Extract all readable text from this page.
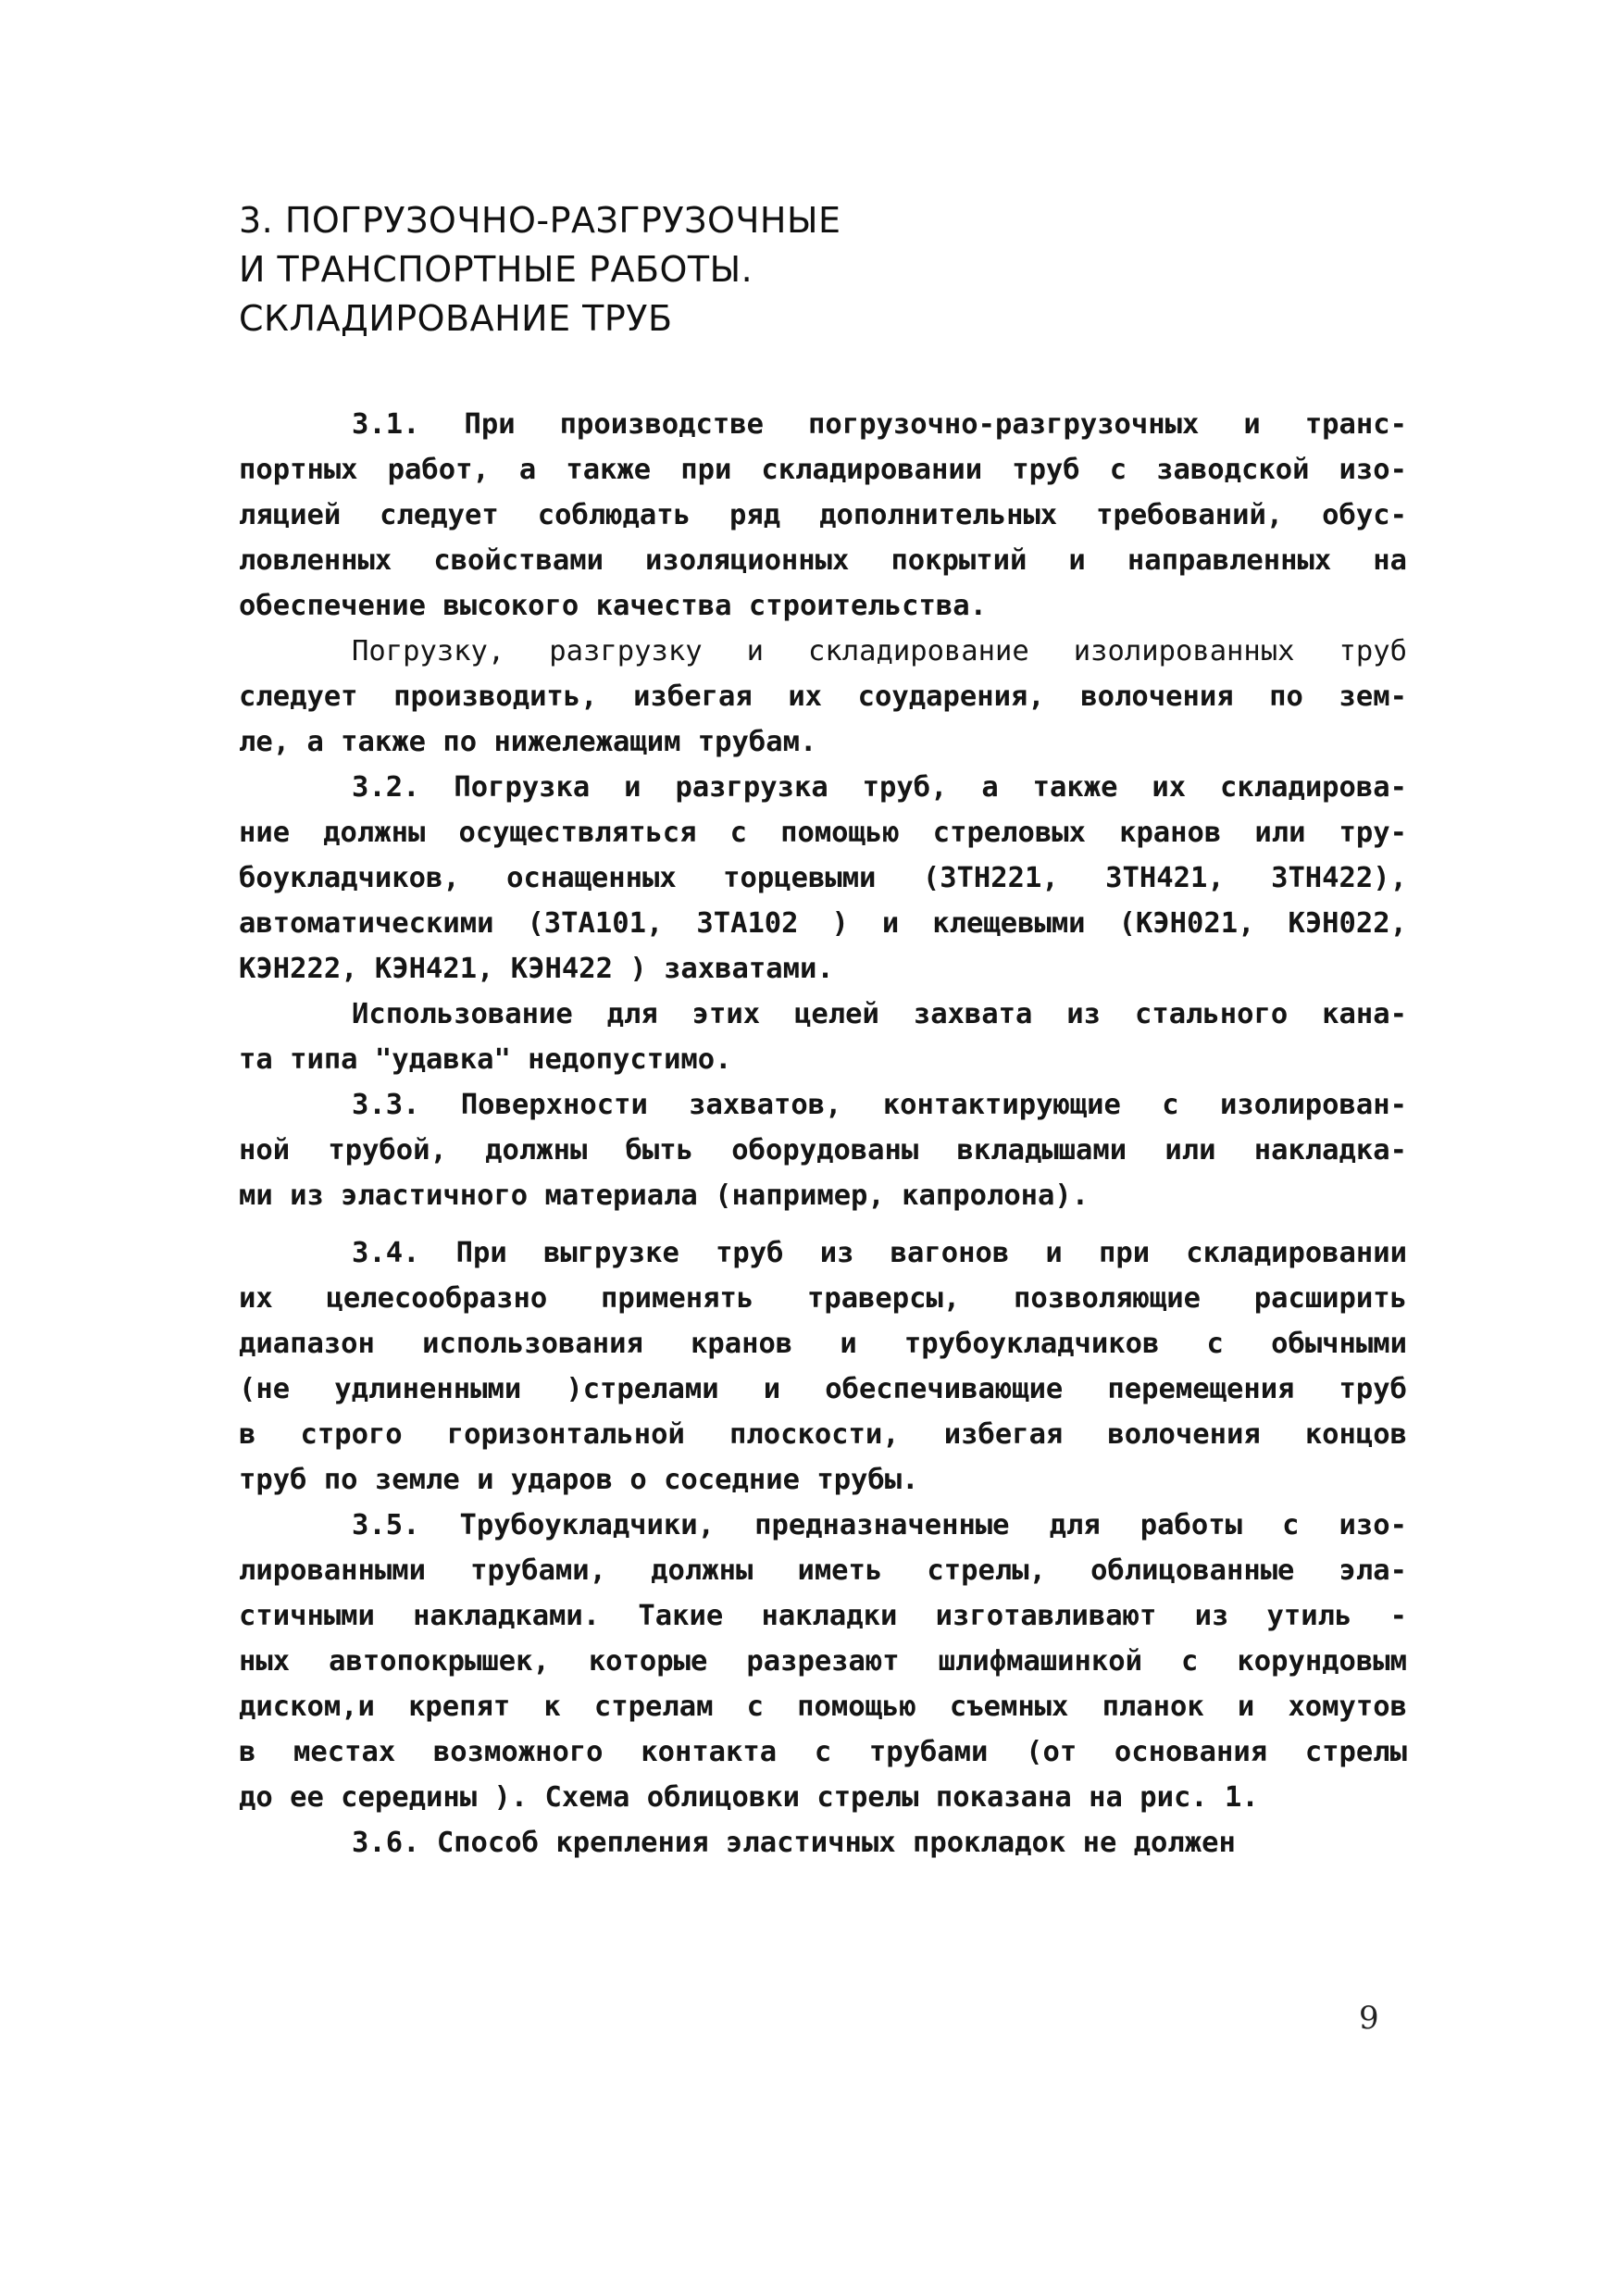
3. ПОГРУЗОЧНО-РАЗГРУЗОЧНЫЕ
И ТРАНСПОРТНЫЕ РАБОТЫ.
СКЛАДИРОВАНИЕ ТРУБ
3.1. При производстве погрузочно-разгрузочных и транс-
портных работ, а также при складировании труб с заводской изо-
ляцией следует соблюдать ряд дополнительных требований, обус-
ловленных свойствами изоляционных покрытий и направленных на
обеспечение высокого качества строительства.
Погрузку, разгрузку и складирование изолированных труб
следует производить, избегая их соударения, волочения по зем-
ле, а также по нижележащим трубам.
3.2. Погрузка и разгрузка труб, а также их складирова-
ние должны осуществляться с помощью стреловых кранов или тру-
боукладчиков, оснащенных торцевыми (ЗТН221, ЗТН421, ЗТН422),
автоматическими (ЗТА101, ЗТА102 ) и клещевыми (КЭН021, КЭН022,
КЭН222, КЭН421, КЭН422 ) захватами.
Использование для этих целей захвата из стального кана-
та типа "удавка" недопустимо.
3.3. Поверхности захватов, контактирующие с изолирован-
ной трубой, должны быть оборудованы вкладышами или накладка-
ми из эластичного материала (например, капролона).
3.4. При выгрузке труб из вагонов и при складировании
их целесообразно применять траверсы, позволяющие расширить
диапазон использования кранов и трубоукладчиков с обычными
(не удлиненными )стрелами и обеспечивающие перемещения труб
в строго горизонтальной плоскости, избегая волочения концов
труб по земле и ударов о соседние трубы.
3.5. Трубоукладчики, предназначенные для работы с изо-
лированными трубами, должны иметь стрелы, облицованные эла-
стичными накладками. Такие накладки изготавливают из утиль -
ных автопокрышек, которые разрезают шлифмашинкой с корундовым
диском,и крепят к стрелам с помощью съемных планок и хомутов
в местах возможного контакта с трубами (от основания стрелы
до ее середины ). Схема облицовки стрелы показана на рис. 1.
3.6. Способ крепления эластичных прокладок не должен
9
